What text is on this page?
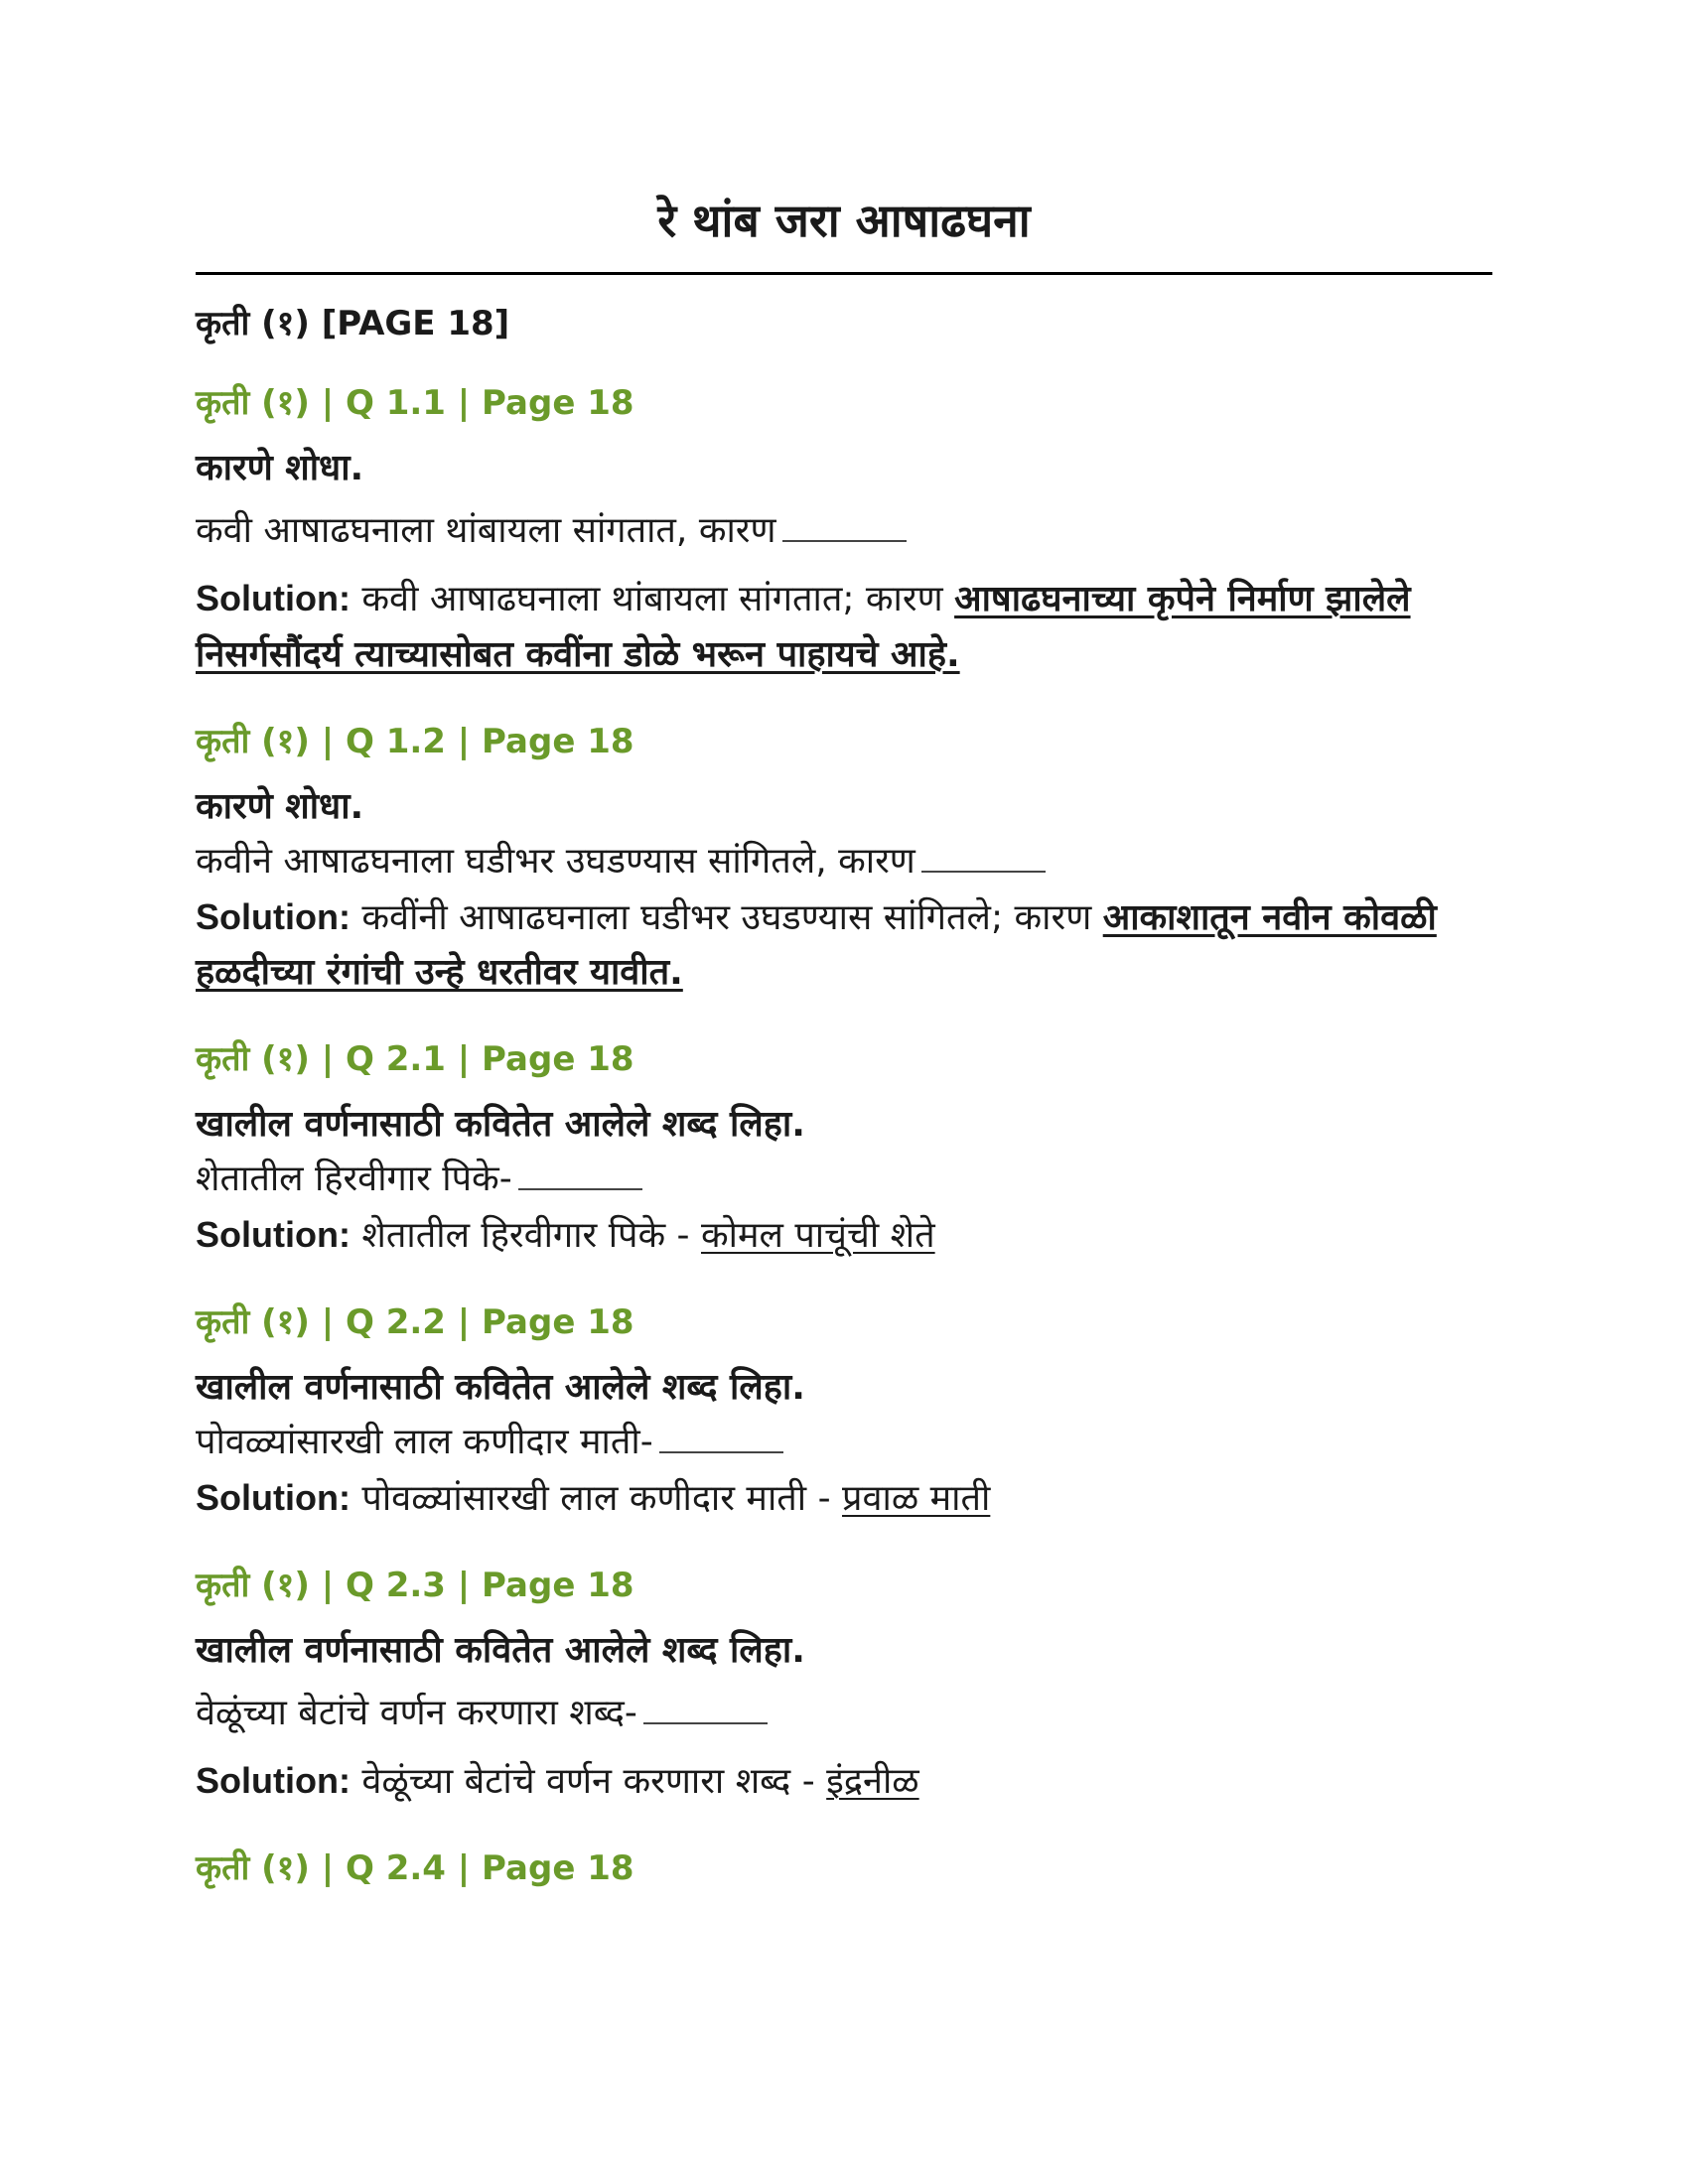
रे थांब जरा आषाढघना
कृती (१) [PAGE 18]
कृती (१) | Q 1.1 | Page 18
कारणे शोधा.
कवी आषाढघनाला थांबायला सांगतात, कारण
Solution: कवी आषाढघनाला थांबायला सांगतात; कारण आषाढघनाच्या कृपेने निर्माण झालेले निसर्गसौंदर्य त्याच्यासोबत कवींना डोळे भरून पाहायचे आहे.
कृती (१) | Q 1.2 | Page 18
कारणे शोधा.
कवीने आषाढघनाला घडीभर उघडण्यास सांगितले, कारण
Solution: कवींनी आषाढघनाला घडीभर उघडण्यास सांगितले; कारण आकाशातून नवीन कोवळी हळदीच्या रंगांची उन्हे धरतीवर यावीत.
कृती (१) | Q 2.1 | Page 18
खालील वर्णनासाठी कवितेत आलेले शब्द लिहा.
शेतातील हिरवीगार पिके-
Solution: शेतातील हिरवीगार पिके - कोमल पाचूंची शेते
कृती (१) | Q 2.2 | Page 18
खालील वर्णनासाठी कवितेत आलेले शब्द लिहा.
पोवळ्यांसारखी लाल कणीदार माती-
Solution: पोवळ्यांसारखी लाल कणीदार माती - प्रवाळ माती
कृती (१) | Q 2.3 | Page 18
खालील वर्णनासाठी कवितेत आलेले शब्द लिहा.
वेळूंच्या बेटांचे वर्णन करणारा शब्द-
Solution: वेळूंच्या बेटांचे वर्णन करणारा शब्द - इंद्रनीळ
कृती (१) | Q 2.4 | Page 18
